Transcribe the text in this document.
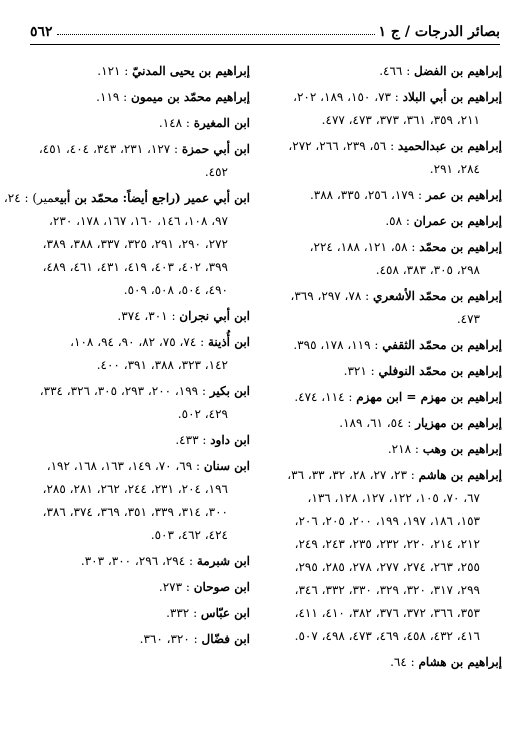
بصائر الدرجات / ج ١
٥٦٢
إبراهيم بن الفضل : ٤٦٦.
إبراهيم بن أبي البلاد : ٧٣، ١٥٠، ١٨٩، ٢٠٢،
٢١١، ٣٥٩، ٣٦١، ٣٧٣، ٤٧٣، ٤٧٧.
إبراهيم بن عبدالحميد : ٥٦، ٢٣٩، ٢٦٦، ٢٧٢،
٢٨٤، ٢٩١.
إبراهيم بن عمر : ١٧٩، ٢٥٦، ٣٣٥، ٣٨٨.
إبراهيم بن عمران : ٥٨.
إبراهيم بن محمّد : ٥٨، ١٢١، ١٨٨، ٢٢٤،
٢٩٨، ٣٠٥، ٣٨٣، ٤٥٨.
إبراهيم بن محمّد الأشعري : ٧٨، ٢٩٧، ٣٦٩،
٤٧٣.
إبراهيم بن محمّد الثقفي : ١١٩، ١٧٨، ٣٩٥.
إبراهيم بن محمّد النوفلي : ٣٢١.
إبراهيم بن مهزم = ابن مهزم : ١١٤، ٤٧٤.
إبراهيم بن مهزيار : ٥٤، ٦١، ١٨٩.
إبراهيم بن وهب : ٢١٨.
إبراهيم بن هاشم : ٢٣، ٢٧، ٢٨، ٣٢، ٣٣، ٣٦،
٦٧، ٧٠، ١٠٥، ١٢٢، ١٢٧، ١٢٨، ١٣٦،
١٥٣، ١٨٦، ١٩٧، ١٩٩، ٢٠٠، ٢٠٥، ٢٠٦،
٢١٢، ٢١٤، ٢٢٠، ٢٣٢، ٢٣٥، ٢٤٣، ٢٤٩،
٢٥٥، ٢٦٣، ٢٧٤، ٢٧٧، ٢٧٨، ٢٨٥، ٢٩٥،
٢٩٩، ٣١٧، ٣٢٠، ٣٢٩، ٣٣٠، ٣٣٢، ٣٤٦،
٣٥٣، ٣٦٦، ٣٧٢، ٣٧٦، ٣٨٢، ٤١٠، ٤١١،
٤١٦، ٤٣٢، ٤٥٨، ٤٦٩، ٤٧٣، ٤٩٨، ٥٠٧.
إبراهيم بن هشام : ٦٤.
إبراهيم بن يحيى المدنيّ : ١٢١.
إبراهيم محمّد بن ميمون : ١١٩.
ابن المغيرة : ١٤٨.
ابن أبي حمزة : ١٢٧، ٢٣١، ٣٤٣، ٤٠٤، ٤٥١،
٤٥٢.
ابن أبي عمير (راجع أيضاً: محمّد بن أبيعمير) : ٢٤،
٩٧، ١٠٨، ١٤٦، ١٦٠، ١٦٧، ١٧٨، ٢٣٠،
٢٧٢، ٢٩٠، ٢٩١، ٣٢٥، ٣٣٧، ٣٨٨، ٣٨٩،
٣٩٩، ٤٠٢، ٤٠٣، ٤١٩، ٤٣١، ٤٦١، ٤٨٩،
٤٩٠، ٥٠٤، ٥٠٨، ٥٠٩.
ابن أبي نجران : ٣٠١، ٣٧٤.
ابن أُذينة : ٧٤، ٧٥، ٨٢، ٩٠، ٩٤، ١٠٨،
١٤٢، ٣٢٣، ٣٨٨، ٣٩١، ٤٠٠.
ابن بكير : ١٩٩، ٢٠٠، ٢٩٣، ٣٠٥، ٣٢٦، ٣٣٤،
٤٢٩، ٥٠٢.
ابن داود : ٤٣٣.
ابن سنان : ٦٩، ٧٠، ١٤٩، ١٦٣، ١٦٨، ١٩٢،
١٩٦، ٢٠٤، ٢٣١، ٢٤٤، ٢٦٢، ٢٨١، ٢٨٥،
٣٠٠، ٣١٤، ٣٣٩، ٣٥١، ٣٦٩، ٣٧٤، ٣٨٦،
٤٢٤، ٤٦٢، ٥٠٣.
ابن شبرمة : ٢٩٤، ٢٩٦، ٣٠٠، ٣٠٣.
ابن صوحان : ٢٧٣.
ابن عبّاس : ٣٣٢.
ابن فضّال : ٣٢٠، ٣٦٠.
